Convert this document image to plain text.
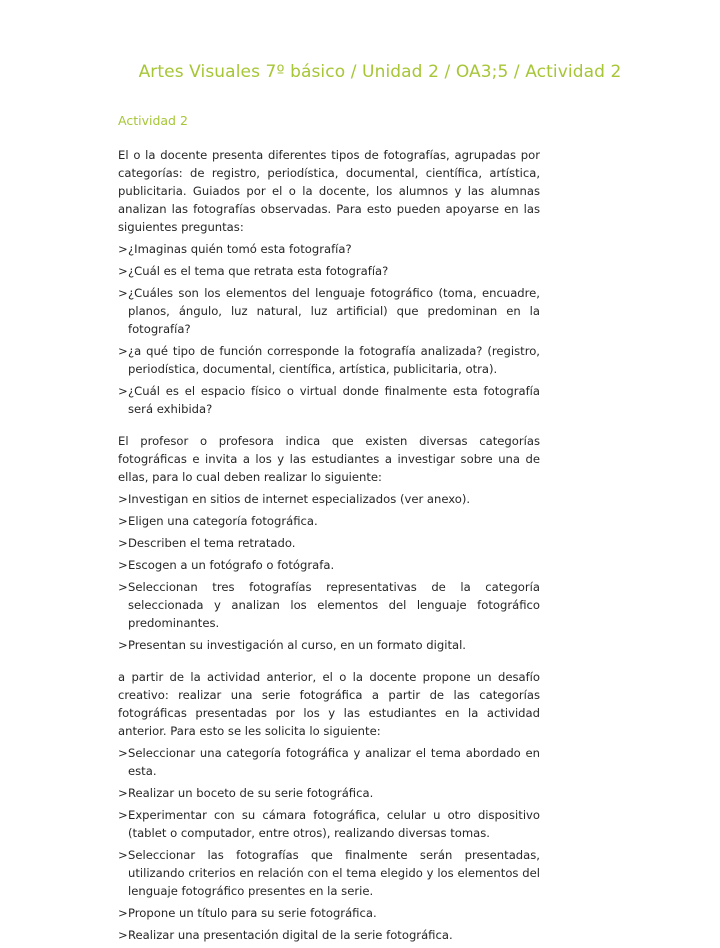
Artes Visuales 7º básico / Unidad 2 / OA3;5 / Actividad 2
Actividad 2

El o la docente presenta diferentes tipos de fotografías, agrupadas por categorías: de registro, periodística, documental, científica, artística, publicitaria. Guiados por el o la docente, los alumnos y las alumnas analizan las fotografías observadas. Para esto pueden apoyarse en las siguientes preguntas:

> ¿Imaginas quién tomó esta fotografía?
> ¿Cuál es el tema que retrata esta fotografía?
> ¿Cuáles son los elementos del lenguaje fotográfico (toma, encuadre, planos, ángulo, luz natural, luz artificial) que predominan en la fotografía?
> ¿a qué tipo de función corresponde la fotografía analizada? (registro, periodística, documental, científica, artística, publicitaria, otra).
> ¿Cuál es el espacio físico o virtual donde finalmente esta fotografía será exhibida?

El profesor o profesora indica que existen diversas categorías fotográficas e invita a los y las estudiantes a investigar sobre una de ellas, para lo cual deben realizar lo siguiente:

> Investigan en sitios de internet especializados (ver anexo).
> Eligen una categoría fotográfica.
> Describen el tema retratado.
> Escogen a un fotógrafo o fotógrafa.
> Seleccionan tres fotografías representativas de la categoría seleccionada y analizan los elementos del lenguaje fotográfico predominantes.
> Presentan su investigación al curso, en un formato digital.

a partir de la actividad anterior, el o la docente propone un desafío creativo: realizar una serie fotográfica a partir de las categorías fotográficas presentadas por los y las estudiantes en la actividad anterior. Para esto se les solicita lo siguiente:

> Seleccionar una categoría fotográfica y analizar el tema abordado en esta.
> Realizar un boceto de su serie fotográfica.
> Experimentar con su cámara fotográfica, celular u otro dispositivo (tablet o computador, entre otros), realizando diversas tomas.
> Seleccionar las fotografías que finalmente serán presentadas, utilizando criterios en relación con el tema elegido y los elementos del lenguaje fotográfico presentes en la serie.
> Propone un título para su serie fotográfica.
> Realizar una presentación digital de la serie fotográfica.
